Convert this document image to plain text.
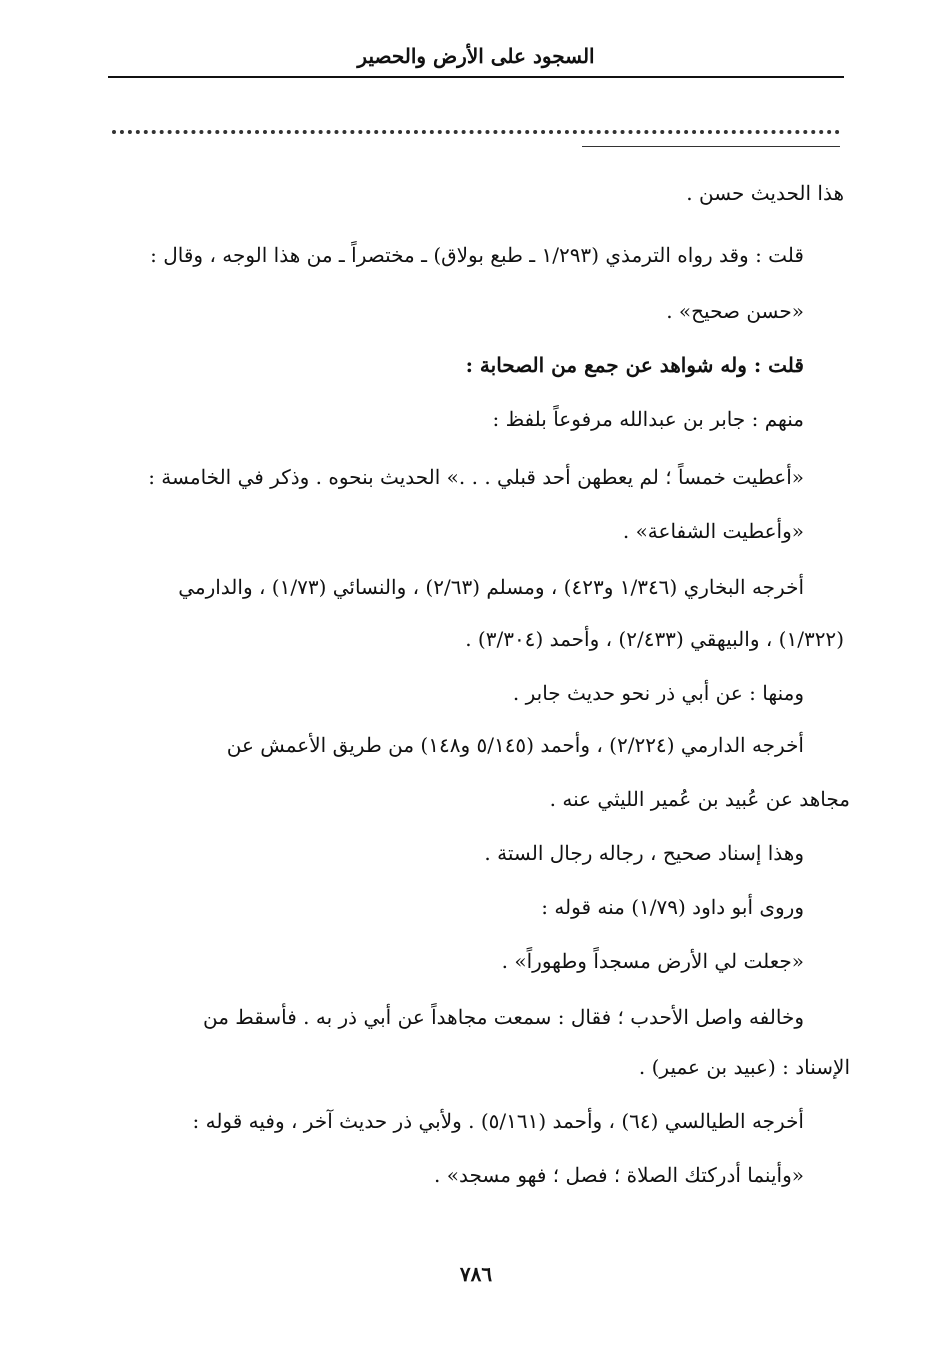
السجود على الأرض والحصير
هذا الحديث حسن .
قلت : وقد رواه الترمذي (١/٢٩٣ ـ طبع بولاق) ـ مختصراً ـ من هذا الوجه ، وقال :
«حسن صحيح» .
قلت : وله شواهد عن جمع من الصحابة :
منهم : جابر بن عبدالله مرفوعاً بلفظ :
«أعطيت خمساً ؛ لم يعطهن أحد قبلي . . .» الحديث بنحوه . وذكر في الخامسة :
«وأعطيت الشفاعة» .
أخرجه البخاري (١/٣٤٦ و٤٢٣) ، ومسلم (٢/٦٣) ، والنسائي (١/٧٣) ، والدارمي
(١/٣٢٢) ، والبيهقي (٢/٤٣٣) ، وأحمد (٣/٣٠٤) .
ومنها : عن أبي ذر نحو حديث جابر .
أخرجه الدارمي (٢/٢٢٤) ، وأحمد (٥/١٤٥ و١٤٨) من طريق الأعمش عن
مجاهد عن عُبيد بن عُمير الليثي عنه .
وهذا إسناد صحيح ، رجاله رجال الستة .
وروى أبو داود (١/٧٩) منه قوله :
«جعلت لي الأرض مسجداً وطهوراً» .
وخالفه واصل الأحدب ؛ فقال : سمعت مجاهداً عن أبي ذر به . فأسقط من
الإسناد : (عبيد بن عمير) .
أخرجه الطيالسي (٦٤) ، وأحمد (٥/١٦١) . ولأبي ذر حديث آخر ، وفيه قوله :
«وأينما أدركتك الصلاة ؛ فصل ؛ فهو مسجد» .
٧٨٦
